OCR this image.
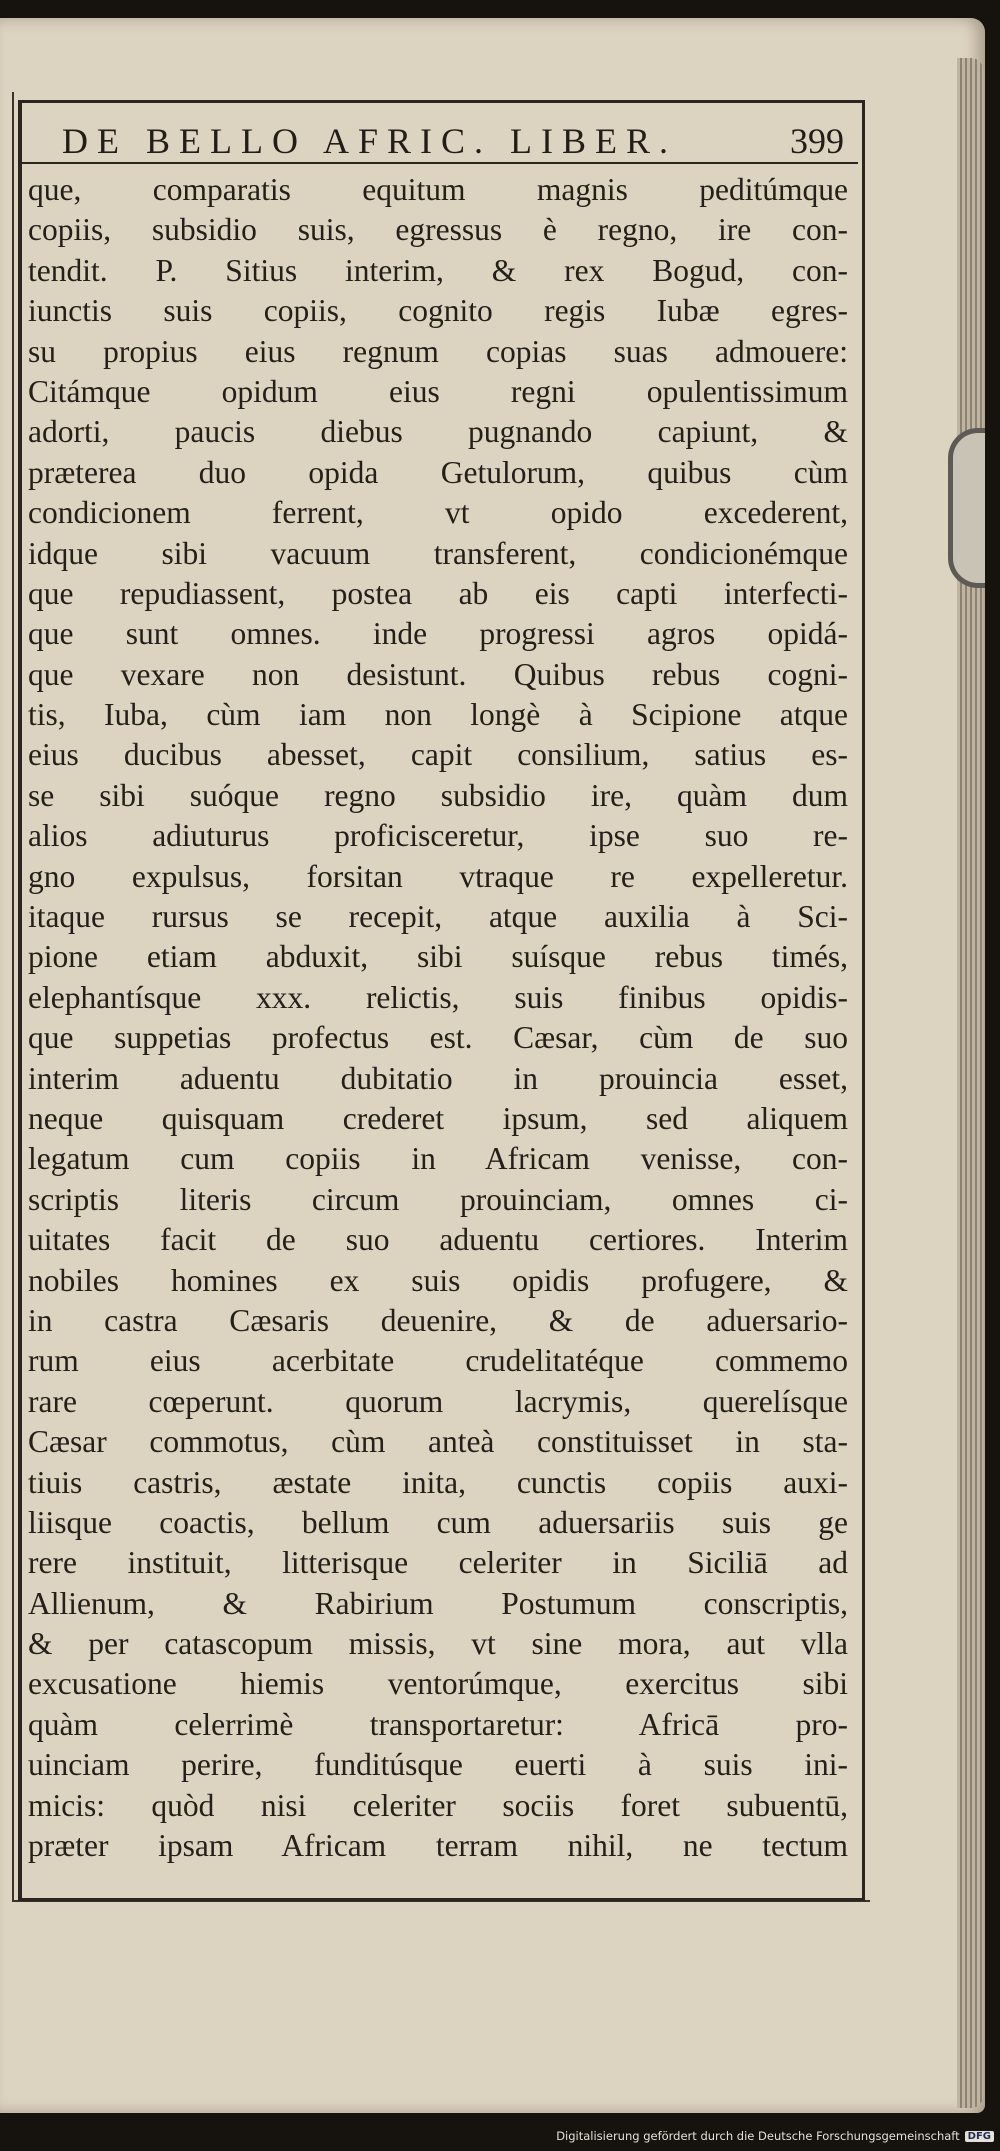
DE BELLO AFRIC. LIBER.	399
que, comparatis equitum magnis peditúmque
copiis, subsidio suis, egressus è regno, ire con-
tendit. P. Sitius interim, & rex Bogud, con-
iunctis suis copiis, cognito regis Iubæ egres-
su propius eius regnum copias suas admouere:
Citámque opidum eius regni opulentissimum
adorti, paucis diebus pugnando capiunt, &
præterea duo opida Getulorum, quibus cùm
condicionem ferrent, vt opido excederent,
idque sibi vacuum transferent, condicionémque
que repudiassent, postea ab eis capti interfecti-
que sunt omnes. inde progressi agros opidá-
que vexare non desistunt. Quibus rebus cogni-
tis, Iuba, cùm iam non longè à Scipione atque
eius ducibus abesset, capit consilium, satius es-
se sibi suóque regno subsidio ire, quàm dum
alios adiuturus proficisceretur, ipse suo re-
gno expulsus, forsitan vtraque re expelleretur.
itaque rursus se recepit, atque auxilia à Sci-
pione etiam abduxit, sibi suísque rebus timés,
elephantísque xxx. relictis, suis finibus opidis-
que suppetias profectus est. Cæsar, cùm de suo
interim aduentu dubitatio in prouincia esset,
neque quisquam crederet ipsum, sed aliquem
legatum cum copiis in Africam venisse, con-
scriptis literis circum prouinciam, omnes ci-
uitates facit de suo aduentu certiores. Interim
nobiles homines ex suis opidis profugere, &
in castra Cæsaris deuenire, & de aduersario-
rum eius acerbitate crudelitatéque commemo
rare cœperunt. quorum lacrymis, querelísque
Cæsar commotus, cùm anteà constituisset in sta-
tiuis castris, æstate inita, cunctis copiis auxi-
liisque coactis, bellum cum aduersariis suis ge
rere instituit, litterisque celeriter in Siciliā ad
Allienum, & Rabirium Postumum conscriptis,
& per catascopum missis, vt sine mora, aut vlla
excusatione hiemis ventorúmque, exercitus sibi
quàm celerrimè transportaretur: Africā pro-
uinciam perire, funditúsque euerti à suis ini-
micis: quòd nisi celeriter sociis foret subuentū,
præter ipsam Africam terram nihil, ne tectum
Digitalisierung gefördert durch die Deutsche Forschungsgemeinschaft DFG
